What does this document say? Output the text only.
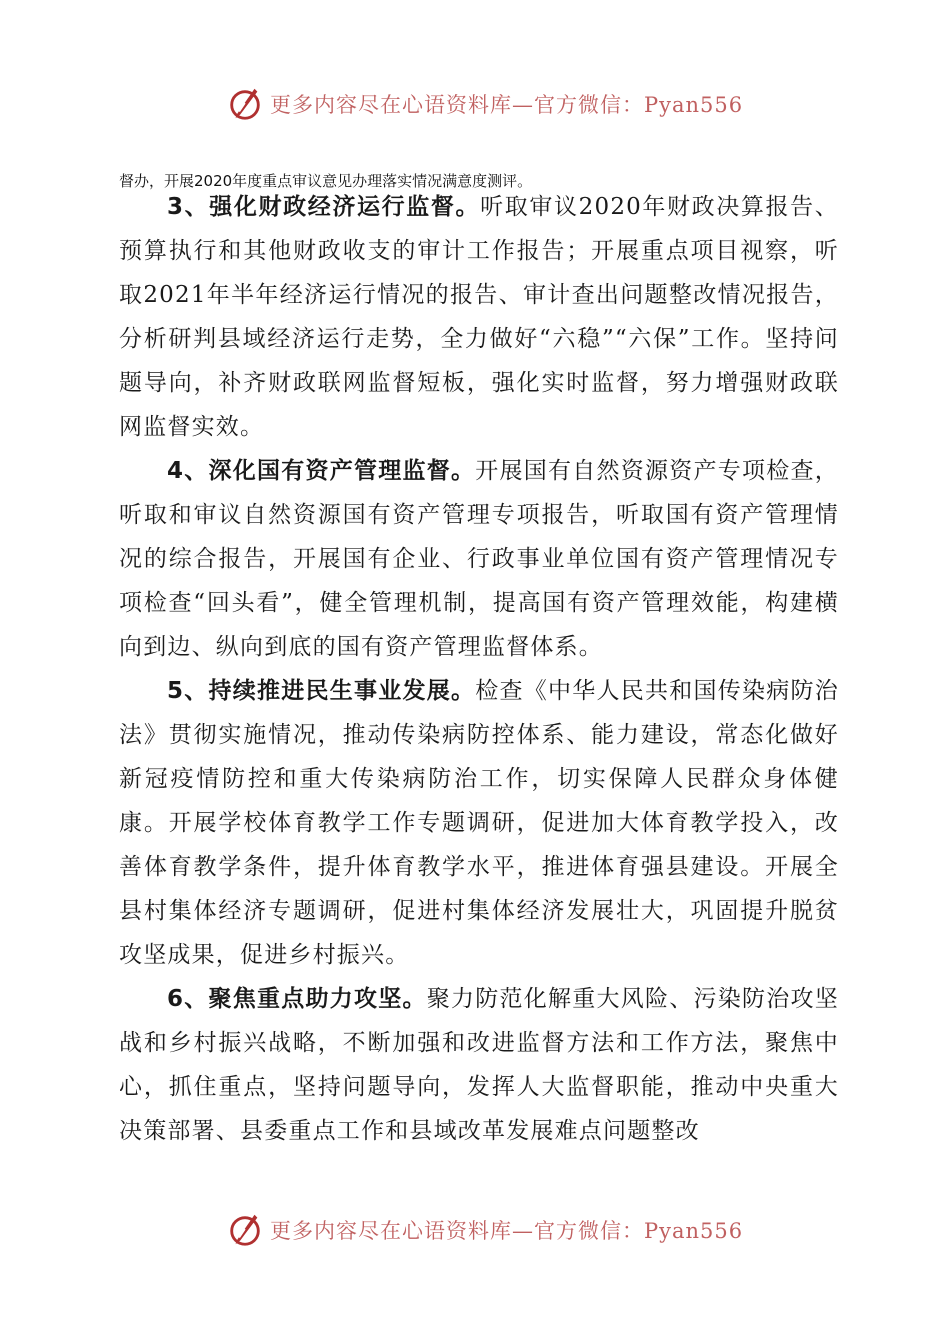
更多内容尽在心语资料库—官方微信：Pyan556
督办，开展2020年度重点审议意见办理落实情况满意度测评。

3、强化财政经济运行监督。听取审议2020年财政决算报告、预算执行和其他财政收支的审计工作报告；开展重点项目视察，听取2021年半年经济运行情况的报告、审计查出问题整改情况报告，分析研判县域经济运行走势，全力做好“六稳”“六保”工作。坚持问题导向，补齐财政联网监督短板，强化实时监督，努力增强财政联网监督实效。

4、深化国有资产管理监督。开展国有自然资源资产专项检查，听取和审议自然资源国有资产管理专项报告，听取国有资产管理情况的综合报告，开展国有企业、行政事业单位国有资产管理情况专项检查“回头看”，健全管理机制，提高国有资产管理效能，构建横向到边、纵向到底的国有资产管理监督体系。

5、持续推进民生事业发展。检查《中华人民共和国传染病防治法》贯彻实施情况，推动传染病防控体系、能力建设，常态化做好新冠疫情防控和重大传染病防治工作，切实保障人民群众身体健康。开展学校体育教学工作专题调研，促进加大体育教学投入，改善体育教学条件，提升体育教学水平，推进体育强县建设。开展全县村集体经济专题调研，促进村集体经济发展壮大，巩固提升脱贫攻坚成果，促进乡村振兴。

6、聚焦重点助力攻坚。聚力防范化解重大风险、污染防治攻坚战和乡村振兴战略，不断加强和改进监督方法和工作方法，聚焦中心，抓住重点，坚持问题导向，发挥人大监督职能，推动中央重大决策部署、县委重点工作和县域改革发展难点问题整改

更多内容尽在心语资料库—官方微信：Pyan556
